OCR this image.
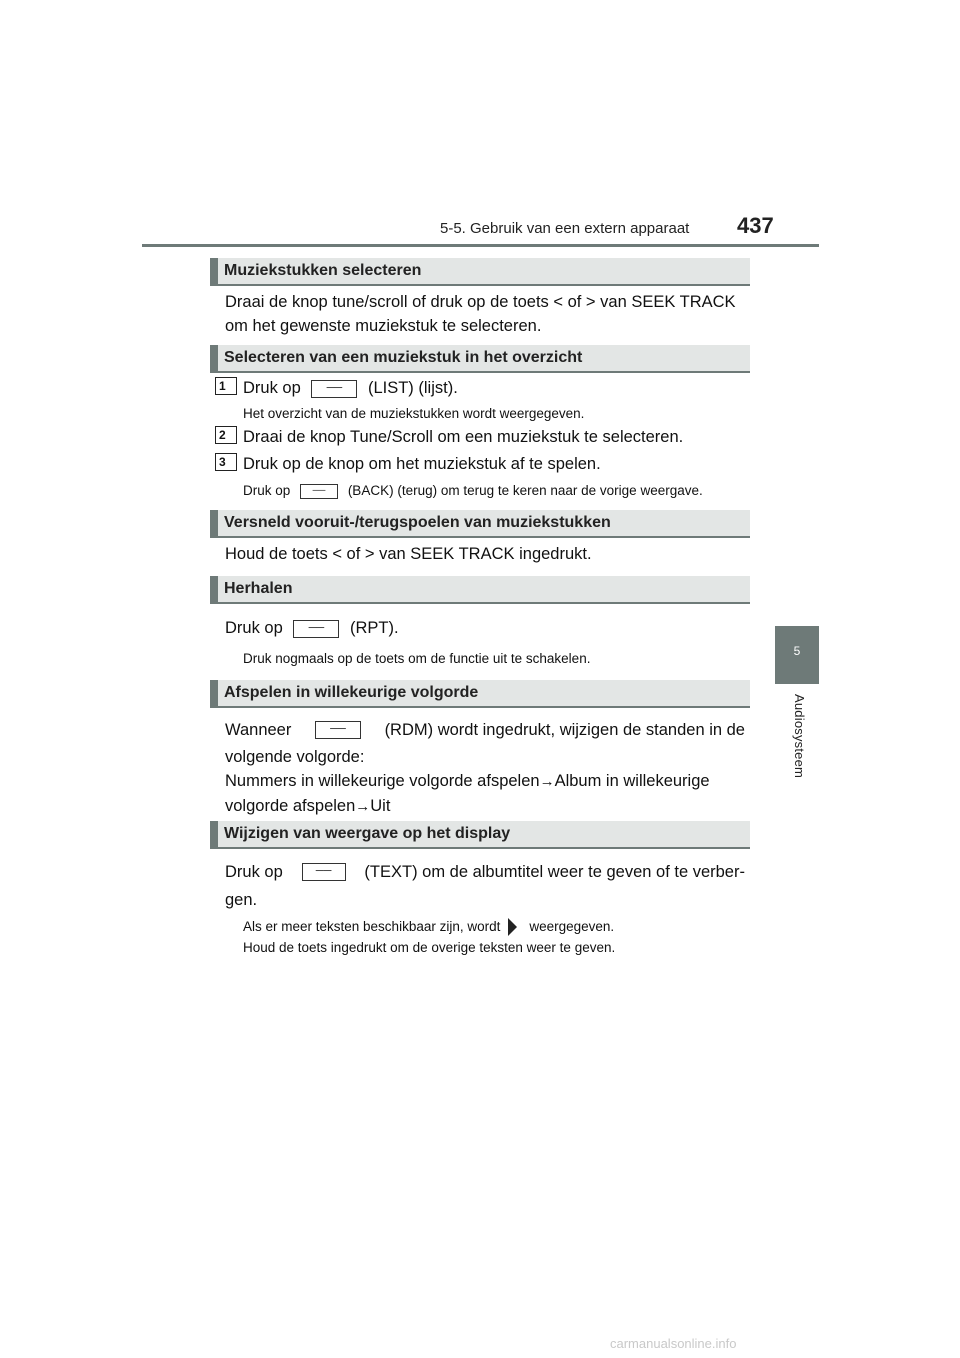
5-5. Gebruik van een extern apparaat 437
5
Audiosysteem
Muziekstukken selecteren
Draai de knop tune/scroll of druk op de toets < of > van SEEK TRACK
om het gewenste muziekstuk te selecteren.
Selecteren van een muziekstuk in het overzicht
1	Druk op ── (LIST) (lijst).
Het overzicht van de muziekstukken wordt weergegeven.
2	Draai de knop Tune/Scroll om een muziekstuk te selecteren.
3	Druk op de knop om het muziekstuk af te spelen.
Druk op ── (BACK) (terug) om terug te keren naar de vorige weergave.
Versneld vooruit-/terugspoelen van muziekstukken
Houd de toets < of > van SEEK TRACK ingedrukt.
Herhalen
Druk op ── (RPT).
Druk nogmaals op de toets om de functie uit te schakelen.
Afspelen in willekeurige volgorde
Wanneer	──	(RDM) wordt ingedrukt, wijzigen de standen in de
volgende volgorde:
Nummers in willekeurige volgorde afspelen→Album in willekeurige
volgorde afspelen→Uit
Wijzigen van weergave op het display
Druk op	──	(TEXT) om de albumtitel weer te geven of te verber-
gen.
Als er meer teksten beschikbaar zijn, wordt weergegeven.
Houd de toets ingedrukt om de overige teksten weer te geven.
carmanualsonline.info
